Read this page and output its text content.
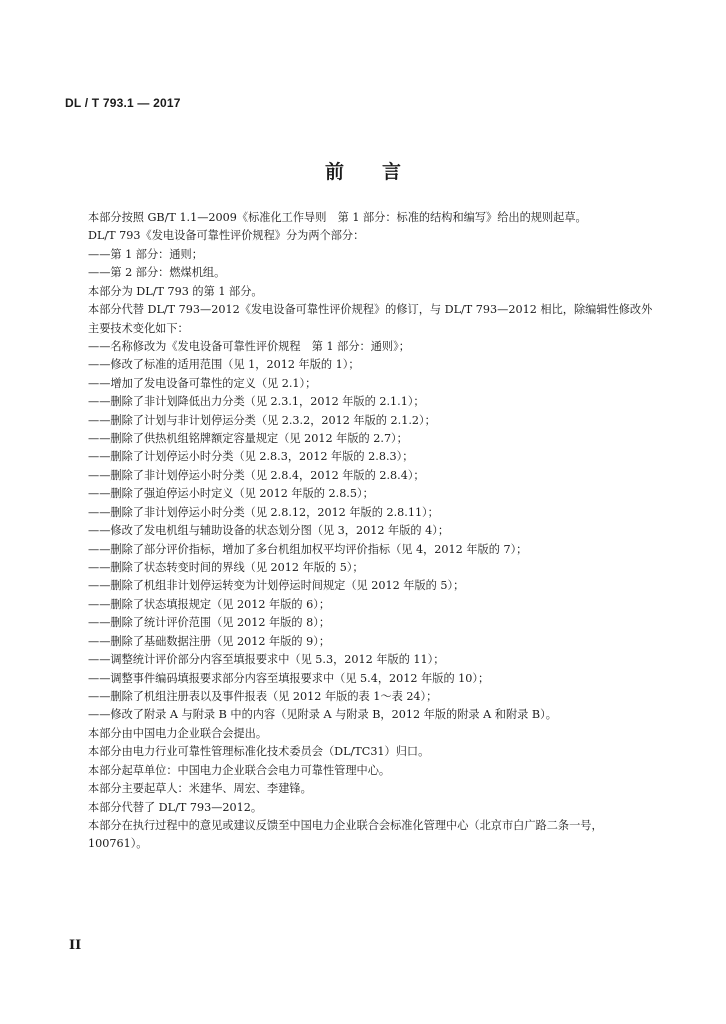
DL / T 793.1 — 2017
前言
本部分按照 GB/T 1.1—2009《标准化工作导则　第 1 部分：标准的结构和编写》给出的规则起草。
DL/T 793《发电设备可靠性评价规程》分为两个部分：
——第 1 部分：通则；
——第 2 部分：燃煤机组。
本部分为 DL/T 793 的第 1 部分。
本部分代替 DL/T 793—2012《发电设备可靠性评价规程》的修订，与 DL/T 793—2012 相比，除编辑性修改外主要技术变化如下：
——名称修改为《发电设备可靠性评价规程　第 1 部分：通则》；
——修改了标准的适用范围（见 1，2012 年版的 1）；
——增加了发电设备可靠性的定义（见 2.1）；
——删除了非计划降低出力分类（见 2.3.1，2012 年版的 2.1.1）；
——删除了计划与非计划停运分类（见 2.3.2，2012 年版的 2.1.2）；
——删除了供热机组铭牌额定容量规定（见 2012 年版的 2.7）；
——删除了计划停运小时分类（见 2.8.3，2012 年版的 2.8.3）；
——删除了非计划停运小时分类（见 2.8.4，2012 年版的 2.8.4）；
——删除了强迫停运小时定义（见 2012 年版的 2.8.5）；
——删除了非计划停运小时分类（见 2.8.12，2012 年版的 2.8.11）；
——修改了发电机组与辅助设备的状态划分图（见 3，2012 年版的 4）；
——删除了部分评价指标，增加了多台机组加权平均评价指标（见 4，2012 年版的 7）；
——删除了状态转变时间的界线（见 2012 年版的 5）；
——删除了机组非计划停运转变为计划停运时间规定（见 2012 年版的 5）；
——删除了状态填报规定（见 2012 年版的 6）；
——删除了统计评价范围（见 2012 年版的 8）；
——删除了基础数据注册（见 2012 年版的 9）；
——调整统计评价部分内容至填报要求中（见 5.3，2012 年版的 11）；
——调整事件编码填报要求部分内容至填报要求中（见 5.4，2012 年版的 10）；
——删除了机组注册表以及事件报表（见 2012 年版的表 1～表 24）；
——修改了附录 A 与附录 B 中的内容（见附录 A 与附录 B，2012 年版的附录 A 和附录 B）。
本部分由中国电力企业联合会提出。
本部分由电力行业可靠性管理标准化技术委员会（DL/TC31）归口。
本部分起草单位：中国电力企业联合会电力可靠性管理中心。
本部分主要起草人：米建华、周宏、李建锋。
本部分代替了 DL/T 793—2012。
本部分在执行过程中的意见或建议反馈至中国电力企业联合会标准化管理中心（北京市白广路二条一号，100761）。
II
